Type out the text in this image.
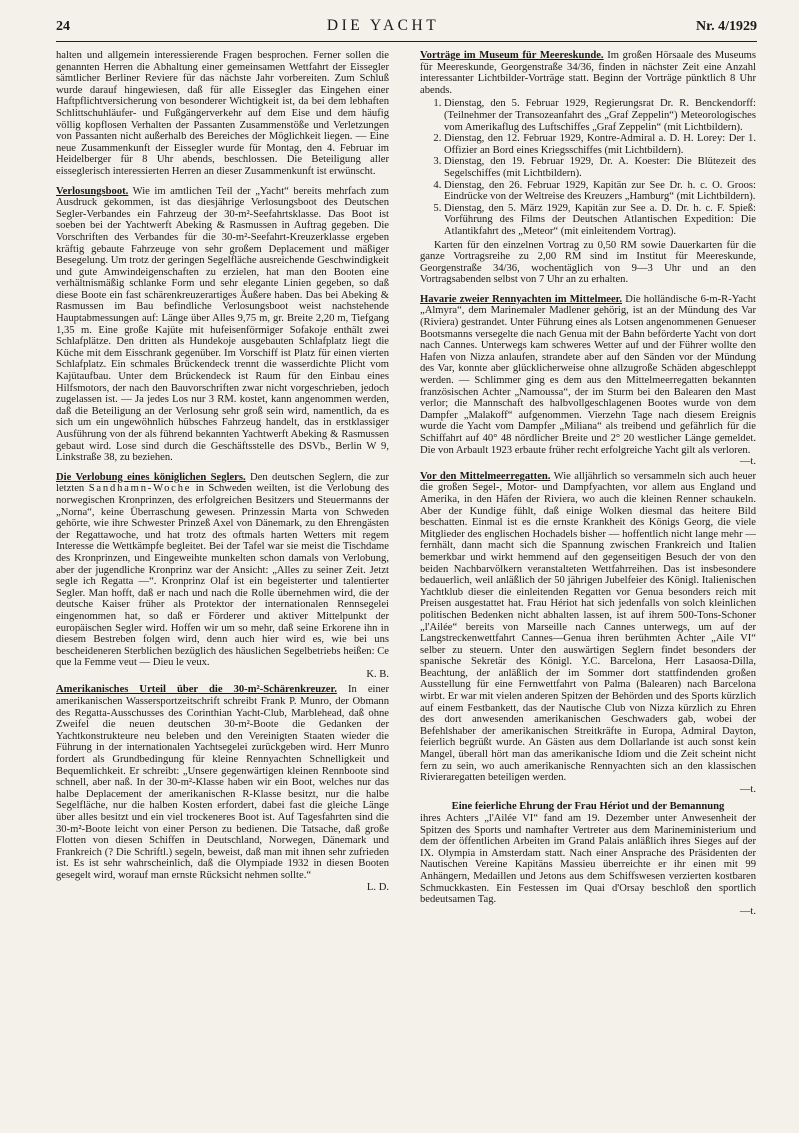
24	DIE YACHT	Nr. 4/1929

halten und allgemein interessierende Fragen besprochen. Ferner sollen die genannten Herren die Abhaltung einer gemeinsamen Wettfahrt der Eissegler sämtlicher Berliner Reviere für das nächste Jahr vorbereiten. Zum Schluß wurde darauf hingewiesen, daß für alle Eissegler das Eingehen einer Haftpflichtversicherung von besonderer Wichtigkeit ist, da bei dem lebhaften Schlittschuhläufer- und Fußgängerverkehr auf dem Eise und dem häufig völlig kopflosen Verhalten der Passanten Zusammenstöße und Verletzungen von Passanten nicht außerhalb des Bereiches der Möglichkeit liegen. — Eine neue Zusammenkunft der Eissegler wurde für Montag, den 4. Februar im Heidelberger für 8 Uhr abends, beschlossen. Die Beteiligung aller eisseglerisch interessierten Herren an dieser Zusammenkunft ist erwünscht.

Verlosungsboot. Wie im amtlichen Teil der „Yacht“ bereits mehrfach zum Ausdruck gekommen, ist das diesjährige Verlosungsboot des Deutschen Segler-Verbandes ein Fahrzeug der 30-m²-Seefahrtsklasse. Das Boot ist soeben bei der Yachtwerft Abeking & Rasmussen in Auftrag gegeben. Die Vorschriften des Verbandes für die 30-m²-Seefahrt-Kreuzerklasse ergeben kräftig gebaute Fahrzeuge von sehr großem Deplacement und mäßiger Besegelung. Um trotz der geringen Segelfläche ausreichende Geschwindigkeit und gute Amwindeigenschaften zu erzielen, hat man den Booten eine verhältnismäßig schlanke Form und sehr elegante Linien gegeben, so daß diese Boote ein fast schärenkreuzerartiges Äußere haben. Das bei Abeking & Rasmussen im Bau befindliche Verlosungsboot weist nachstehende Hauptabmessungen auf: Länge über Alles 9,75 m, gr. Breite 2,20 m, Tiefgang 1,35 m. Eine große Kajüte mit hufeisenförmiger Sofakoje enthält zwei Schlafplätze. Den dritten als Hundekoje ausgebauten Schlafplatz liegt die Küche mit dem Eisschrank gegenüber. Im Vorschiff ist Platz für einen vierten Schlafplatz. Ein schmales Brückendeck trennt die wasserdichte Plicht vom Kajütaufbau. Unter dem Brückendeck ist Raum für den Einbau eines Hilfsmotors, der nach den Bauvorschriften zwar nicht vorgeschrieben, jedoch zugelassen ist. — Ja jedes Los nur 3 RM. kostet, kann angenommen werden, daß die Beteiligung an der Verlosung sehr groß sein wird, namentlich, da es sich um ein ungewöhnlich hübsches Fahrzeug handelt, das in erstklassiger Ausführung von der als führend bekannten Yachtwerft Abeking & Rasmussen gebaut wird. Lose sind durch die Geschäftsstelle des DSVb., Berlin W 9, Linkstraße 38, zu beziehen.

Die Verlobung eines königlichen Seglers. Den deutschen Seglern, die zur letzten Sandhamn-Woche in Schweden weilten, ist die Verlobung des norwegischen Kronprinzen, des erfolgreichen Besitzers und Steuermanns der „Norna“, keine Überraschung gewesen. Prinzessin Marta von Schweden gehörte, wie ihre Schwester Prinzeß Axel von Dänemark, zu den Ehrengästen der Regattawoche, und hat trotz des oftmals harten Wetters mit regem Interesse die Wettkämpfe begleitet. Bei der Tafel war sie meist die Tischdame des Kronprinzen, und Eingeweihte munkelten schon damals von Verlobung, aber der jugendliche Kronprinz war der Ansicht: „Alles zu seiner Zeit. Jetzt segle ich Regatta —“. Kronprinz Olaf ist ein begeisterter und talentierter Segler. Man hofft, daß er nach und nach die Rolle übernehmen wird, die der deutsche Kaiser früher als Protektor der internationalen Rennsegelei eingenommen hat, so daß er Förderer und aktiver Mittelpunkt der europäischen Segler wird. Hoffen wir um so mehr, daß seine Erkorene ihn in diesem Bestreben folgen wird, denn auch hier wird es, wie bei uns bescheideneren Sterblichen bezüglich des häuslichen Segelbetriebs heißen: Ce que la Femme veut — Dieu le veux.

K. B.

Amerikanisches Urteil über die 30-m²-Schärenkreuzer. In einer amerikanischen Wassersportzeitschrift schreibt Frank P. Munro, der Obmann des Regatta-Ausschusses des Corinthian Yacht-Club, Marblehead, daß ohne Zweifel die neuen deutschen 30-m²-Boote die Gedanken der Yachtkonstrukteure neu beleben und den Vereinigten Staaten wieder die Führung in der internationalen Yachtsegelei zurückgeben wird. Herr Munro fordert als Grundbedingung für kleine Rennyachten Schnelligkeit und Bequemlichkeit. Er schreibt: „Unsere gegenwärtigen kleinen Rennboote sind schnell, aber naß. In der 30-m²-Klasse haben wir ein Boot, welches nur das halbe Deplacement der amerikanischen R-Klasse besitzt, nur die halbe Segelfläche, nur die halben Kosten erfordert, dabei fast die gleiche Länge über alles besitzt und ein viel trockeneres Boot ist. Auf Tagesfahrten sind die 30-m²-Boote leicht von einer Person zu bedienen. Die Tatsache, daß große Flotten von diesen Schiffen in Deutschland, Norwegen, Dänemark und Frankreich (? Die Schriftl.) segeln, beweist, daß man mit ihnen sehr zufrieden ist. Es ist sehr wahrscheinlich, daß die Olympiade 1932 in diesen Booten gesegelt wird, worauf man ernste Rücksicht nehmen sollte.“

L. D.

Vorträge im Museum für Meereskunde. Im großen Hörsaale des Museums für Meereskunde, Georgenstraße 34/36, finden in nächster Zeit eine Anzahl interessanter Lichtbilder-Vorträge statt. Beginn der Vorträge pünktlich 8 Uhr abends.

1. Dienstag, den 5. Februar 1929, Regierungsrat Dr. R. Benckendorff: (Teilnehmer der Transozeanfahrt des „Graf Zeppelin“) Meteorologisches vom Amerikaflug des Luftschiffes „Graf Zeppelin“ (mit Lichtbildern).
2. Dienstag, den 12. Februar 1929, Kontre-Admiral a. D. H. Lorey: Der 1. Offizier an Bord eines Kriegsschiffes (mit Lichtbildern).
3. Dienstag, den 19. Februar 1929, Dr. A. Koester: Die Blütezeit des Segelschiffes (mit Lichtbildern).
4. Dienstag, den 26. Februar 1929, Kapitän zur See Dr. h. c. O. Groos: Eindrücke von der Weltreise des Kreuzers „Hamburg“ (mit Lichtbildern).
5. Dienstag, den 5. März 1929, Kapitän zur See a. D. Dr. h. c. F. Spieß: Vorführung des Films der Deutschen Atlantischen Expedition: Die Atlantikfahrt des „Meteor“ (mit einleitendem Vortrag).

Karten für den einzelnen Vortrag zu 0,50 RM sowie Dauerkarten für die ganze Vortragsreihe zu 2,00 RM sind im Institut für Meereskunde, Georgenstraße 34/36, wochentäglich von 9—3 Uhr und an den Vortragsabenden selbst von 7 Uhr an zu erhalten.

Havarie zweier Rennyachten im Mittelmeer. Die holländische 6-m-R-Yacht „Almyra“, dem Marinemaler Madlener gehörig, ist an der Mündung des Var (Riviera) gestrandet. Unter Führung eines als Lotsen angenommenen Genueser Bootsmanns versegelte die nach Genua mit der Bahn beförderte Yacht von dort nach Cannes. Unterwegs kam schweres Wetter auf und der Führer wollte den Hafen von Nizza anlaufen, strandete aber auf den Sänden vor der Mündung des Var, konnte aber glücklicherweise ohne allzugroße Schäden abgeschleppt werden. — Schlimmer ging es dem aus den Mittelmeerregatten bekannten französischen Achter „Namoussa“, der im Sturm bei den Balearen den Mast verlor; die Mannschaft des halbvollgeschlagenen Bootes wurde von dem Dampfer „Malakoff“ aufgenommen. Vierzehn Tage nach diesem Ereignis wurde die Yacht vom Dampfer „Miliana“ als treibend und gefährlich für die Schiffahrt auf 40° 48 nördlicher Breite und 2° 20 westlicher Länge gemeldet. Die von Arbault 1923 erbaute früher recht erfolgreiche Yacht gilt als verloren.

—t.

Vor den Mittelmeerregatten. Wie alljährlich so versammeln sich auch heuer die großen Segel-, Motor- und Dampfyachten, vor allem aus England und Amerika, in den Häfen der Riviera, wo auch die kleinen Renner schaukeln. Aber der Kundige fühlt, daß einige Wolken diesmal das heitere Bild beschatten. Einmal ist es die ernste Krankheit des Königs Georg, die viele Mitglieder des englischen Hochadels bisher — hoffentlich nicht lange mehr — fernhält, dann macht sich die Spannung zwischen Frankreich und Italien bemerkbar und wirkt hemmend auf den gegenseitigen Besuch der von den beiden Nachbarvölkern veranstalteten Wettfahrreihen. Das ist insbesondere bedauerlich, weil anläßlich der 50 jährigen Jubelfeier des Königl. Italienischen Yachtklub dieser die einleitenden Regatten vor Genua besonders reich mit Preisen ausgestattet hat. Frau Hériot hat sich jedenfalls von solch kleinlichen politischen Bedenken nicht abhalten lassen, ist auf ihrem 500-Tons-Schoner „l'Ailée“ bereits von Marseille nach Cannes unterwegs, um auf der Langstreckenwettfahrt Cannes—Genua ihren berühmten Achter „Aile VI“ selber zu steuern. Unter den auswärtigen Seglern findet besonders der spanische Sekretär des Königl. Y.C. Barcelona, Herr Lasaosa-Dilla, Beachtung, der anläßlich der im Sommer dort stattfindenden großen Ausstellung für eine Fernwettfahrt von Palma (Balearen) nach Barcelona wirbt. Er war mit vielen anderen Spitzen der Behörden und des Sports kürzlich auf einem Festbankett, das der Nautische Club von Nizza kürzlich zu Ehren des dort anwesenden amerikanischen Geschwaders gab, wobei der Befehlshaber der amerikanischen Streitkräfte in Europa, Admiral Dayton, feierlich begrüßt wurde. An Gästen aus dem Dollarlande ist auch sonst kein Mangel, überall hört man das amerikanische Idiom und die Zeit scheint nicht fern zu sein, wo auch amerikanische Rennyachten sich an den klassischen Rivieraregatten beteiligen werden.

—t.

Eine feierliche Ehrung der Frau Hériot und der Bemannung

ihres Achters „l'Ailée VI“ fand am 19. Dezember unter Anwesenheit der Spitzen des Sports und namhafter Vertreter aus dem Marineministerium und dem der öffentlichen Arbeiten im Grand Palais anläßlich ihres Sieges auf der IX. Olympia in Amsterdam statt. Nach einer Ansprache des Präsidenten der Nautischen Vereine Kapitäns Massieu überreichte er ihr einen mit 99 Anhängern, Medaillen und Jetons aus dem Schiffswesen verzierten kostbaren Schmuckkasten. Ein Festessen im Quai d'Orsay beschloß den sportlich bedeutsamen Tag.

—t.
